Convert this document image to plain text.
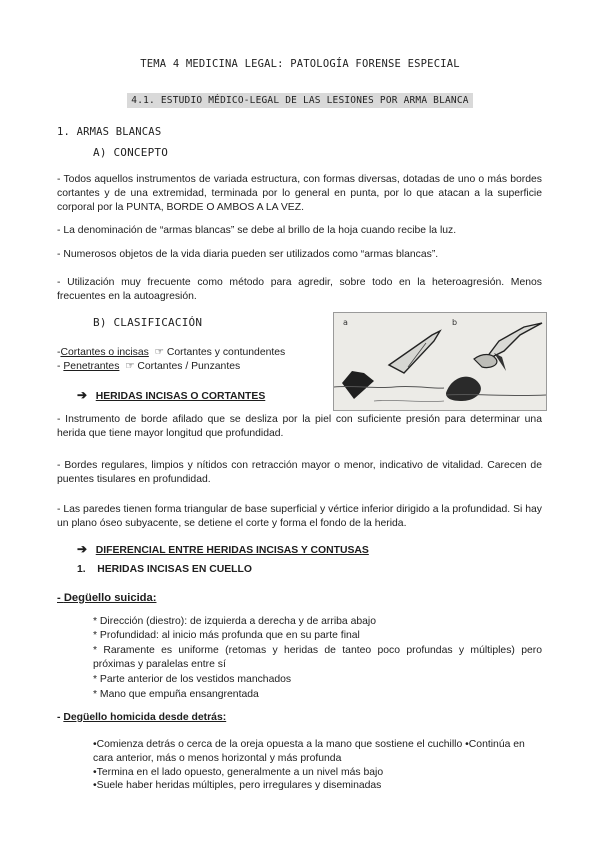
TEMA 4 MEDICINA LEGAL: PATOLOGÍA FORENSE ESPECIAL
4.1. ESTUDIO MÉDICO-LEGAL DE LAS LESIONES POR ARMA BLANCA
1. ARMAS BLANCAS
A) CONCEPTO
- Todos aquellos instrumentos de variada estructura, con formas diversas, dotadas de uno o más bordes cortantes y de una extremidad, terminada por lo general en punta, por lo que atacan a la superficie corporal por la PUNTA, BORDE O AMBOS A LA VEZ.
- La denominación de “armas blancas” se debe al brillo de la hoja cuando recibe la luz.
- Numerosos objetos de la vida diaria pueden ser utilizados como “armas blancas”.
- Utilización muy frecuente como método para agredir, sobre todo en la heteroagresión. Menos frecuentes en la autoagresión.
B) CLASIFICACIÓN
-Cortantes o incisas ☞ Cortantes y contundentes
- Penetrantes ☞ Cortantes / Punzantes
a	b
➔ HERIDAS INCISAS O CORTANTES
- Instrumento de borde afilado que se desliza por la piel con suficiente presión para determinar una herida que tiene mayor longitud que profundidad.
- Bordes regulares, limpios y nítidos con retracción mayor o menor, indicativo de vitalidad. Carecen de puentes tisulares en profundidad.
- Las paredes tienen forma triangular de base superficial y vértice inferior dirigido a la profundidad. Si hay un plano óseo subyacente, se detiene el corte y forma el fondo de la herida.
➔ DIFERENCIAL ENTRE HERIDAS INCISAS Y CONTUSAS
1. HERIDAS INCISAS EN CUELLO
- Degüello suicida:
* Dirección (diestro): de izquierda a derecha y de arriba abajo
* Profundidad: al inicio más profunda que en su parte final
* Raramente es uniforme (retomas y heridas de tanteo poco profundas y múltiples) pero próximas y paralelas entre sí
* Parte anterior de los vestidos manchados
* Mano que empuña ensangrentada
- Degüello homicida desde detrás:
•Comienza detrás o cerca de la oreja opuesta a la mano que sostiene el cuchillo •Continúa en cara anterior, más o menos horizontal y más profunda
•Termina en el lado opuesto, generalmente a un nivel más bajo
•Suele haber heridas múltiples, pero irregulares y diseminadas
